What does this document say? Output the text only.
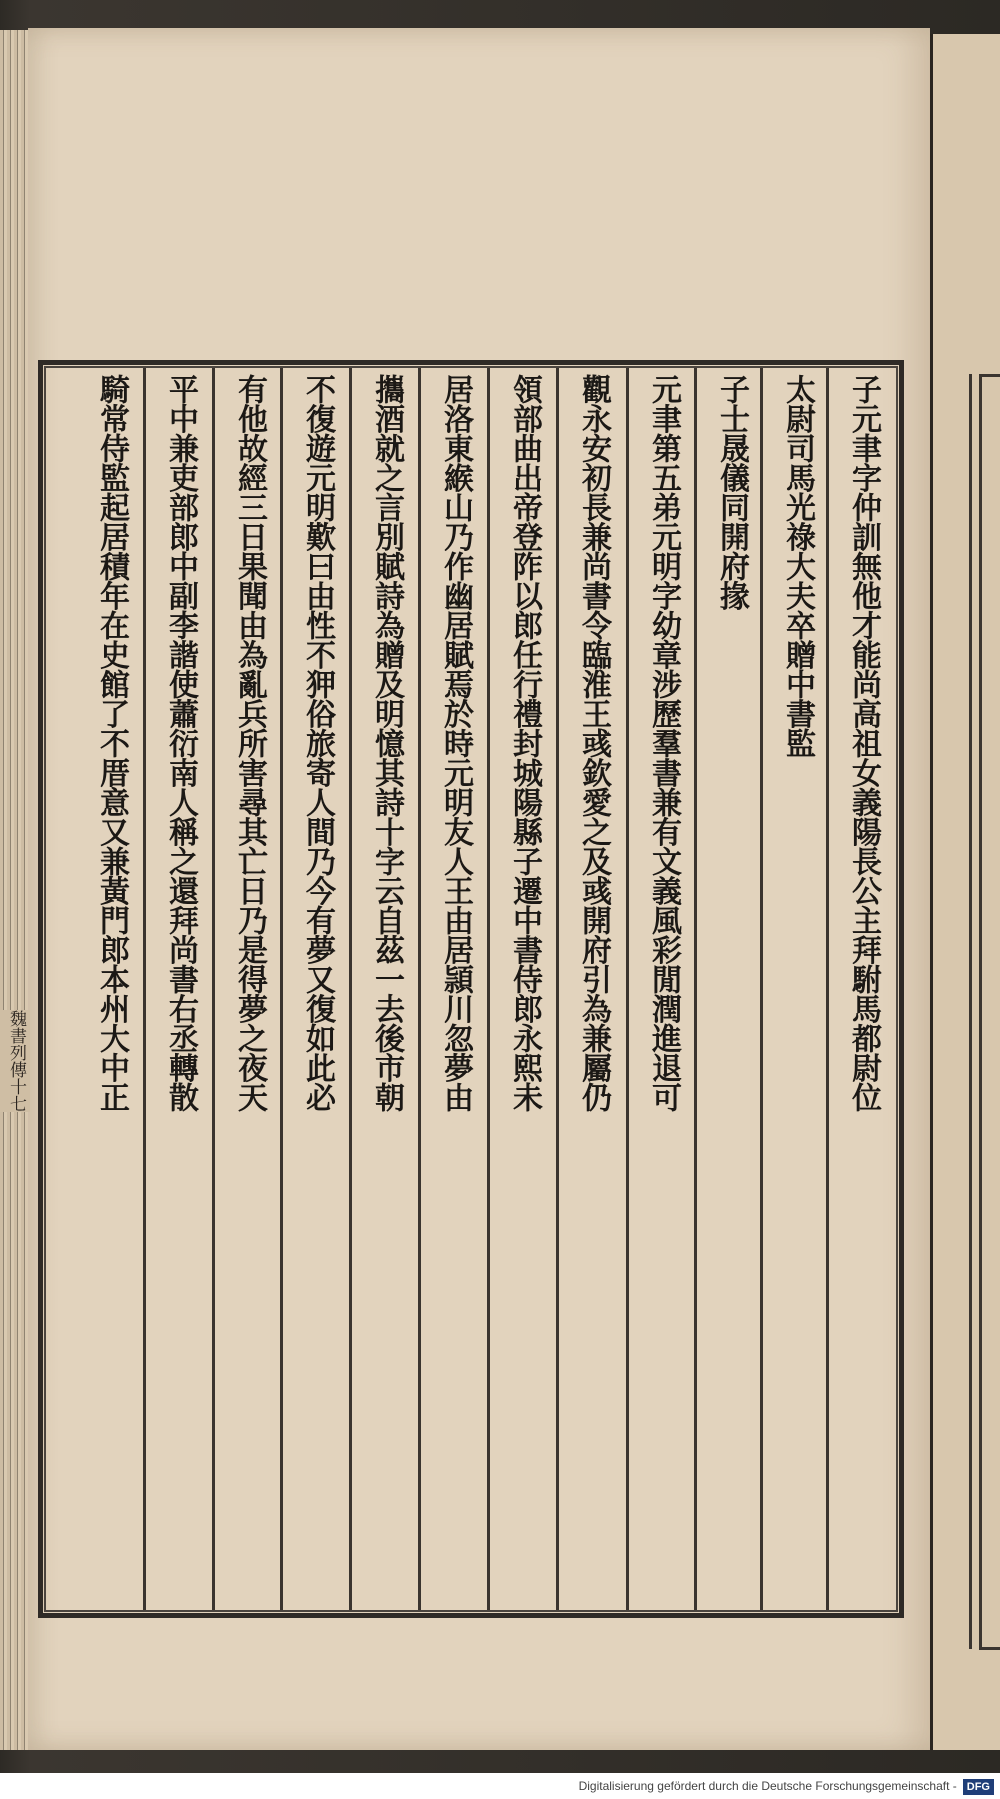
魏書列傳十七	子元聿字仲訓無他才能尚高祖女義陽長公主拜駙馬都尉位
太尉司馬光祿大夫卒贈中書監
子士晟儀同開府掾
元聿第五弟元明字幼章涉歷羣書兼有文義風彩閒潤進退可
觀永安初長兼尚書令臨淮王彧欽愛之及彧開府引為兼屬仍
領部曲出帝登阼以郎任行禮封城陽縣子遷中書侍郎永熙未
居洛東緱山乃作幽居賦焉於時元明友人王由居頴川忽夢由
攜酒就之言別賦詩為贈及明憶其詩十字云自茲一去後市朝
不復遊元明歎曰由性不狎俗旅寄人間乃今有夢又復如此必
有他故經三日果聞由為亂兵所害尋其亡日乃是得夢之夜天
平中兼吏部郎中副李諧使蕭衍南人稱之還拜尚書右丞轉散
騎常侍監起居積年在史館了不厝意又兼黃門郎本州大中正
Digitalisierung gefördert durch die Deutsche Forschungsgemeinschaft - DFG
